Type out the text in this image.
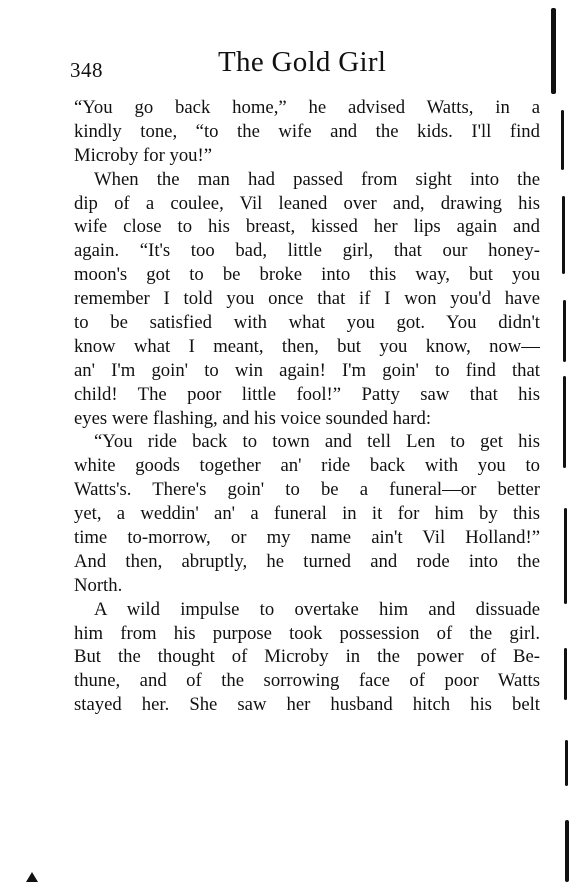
348	The Gold Girl
“You go back home,” he advised Watts, in a
kindly tone, “to the wife and the kids. I'll find
Microby for you!”
When the man had passed from sight into the
dip of a coulee, Vil leaned over and, drawing his
wife close to his breast, kissed her lips again and
again. “It's too bad, little girl, that our honey-
moon's got to be broke into this way, but you
remember I told you once that if I won you'd have
to be satisfied with what you got. You didn't
know what I meant, then, but you know, now—
an' I'm goin' to win again! I'm goin' to find that
child! The poor little fool!” Patty saw that his
eyes were flashing, and his voice sounded hard:
“You ride back to town and tell Len to get his
white goods together an' ride back with you to
Watts's. There's goin' to be a funeral—or better
yet, a weddin' an' a funeral in it for him by this
time to-morrow, or my name ain't Vil Holland!”
And then, abruptly, he turned and rode into the
North.
A wild impulse to overtake him and dissuade
him from his purpose took possession of the girl.
But the thought of Microby in the power of Be-
thune, and of the sorrowing face of poor Watts
stayed her. She saw her husband hitch his belt
